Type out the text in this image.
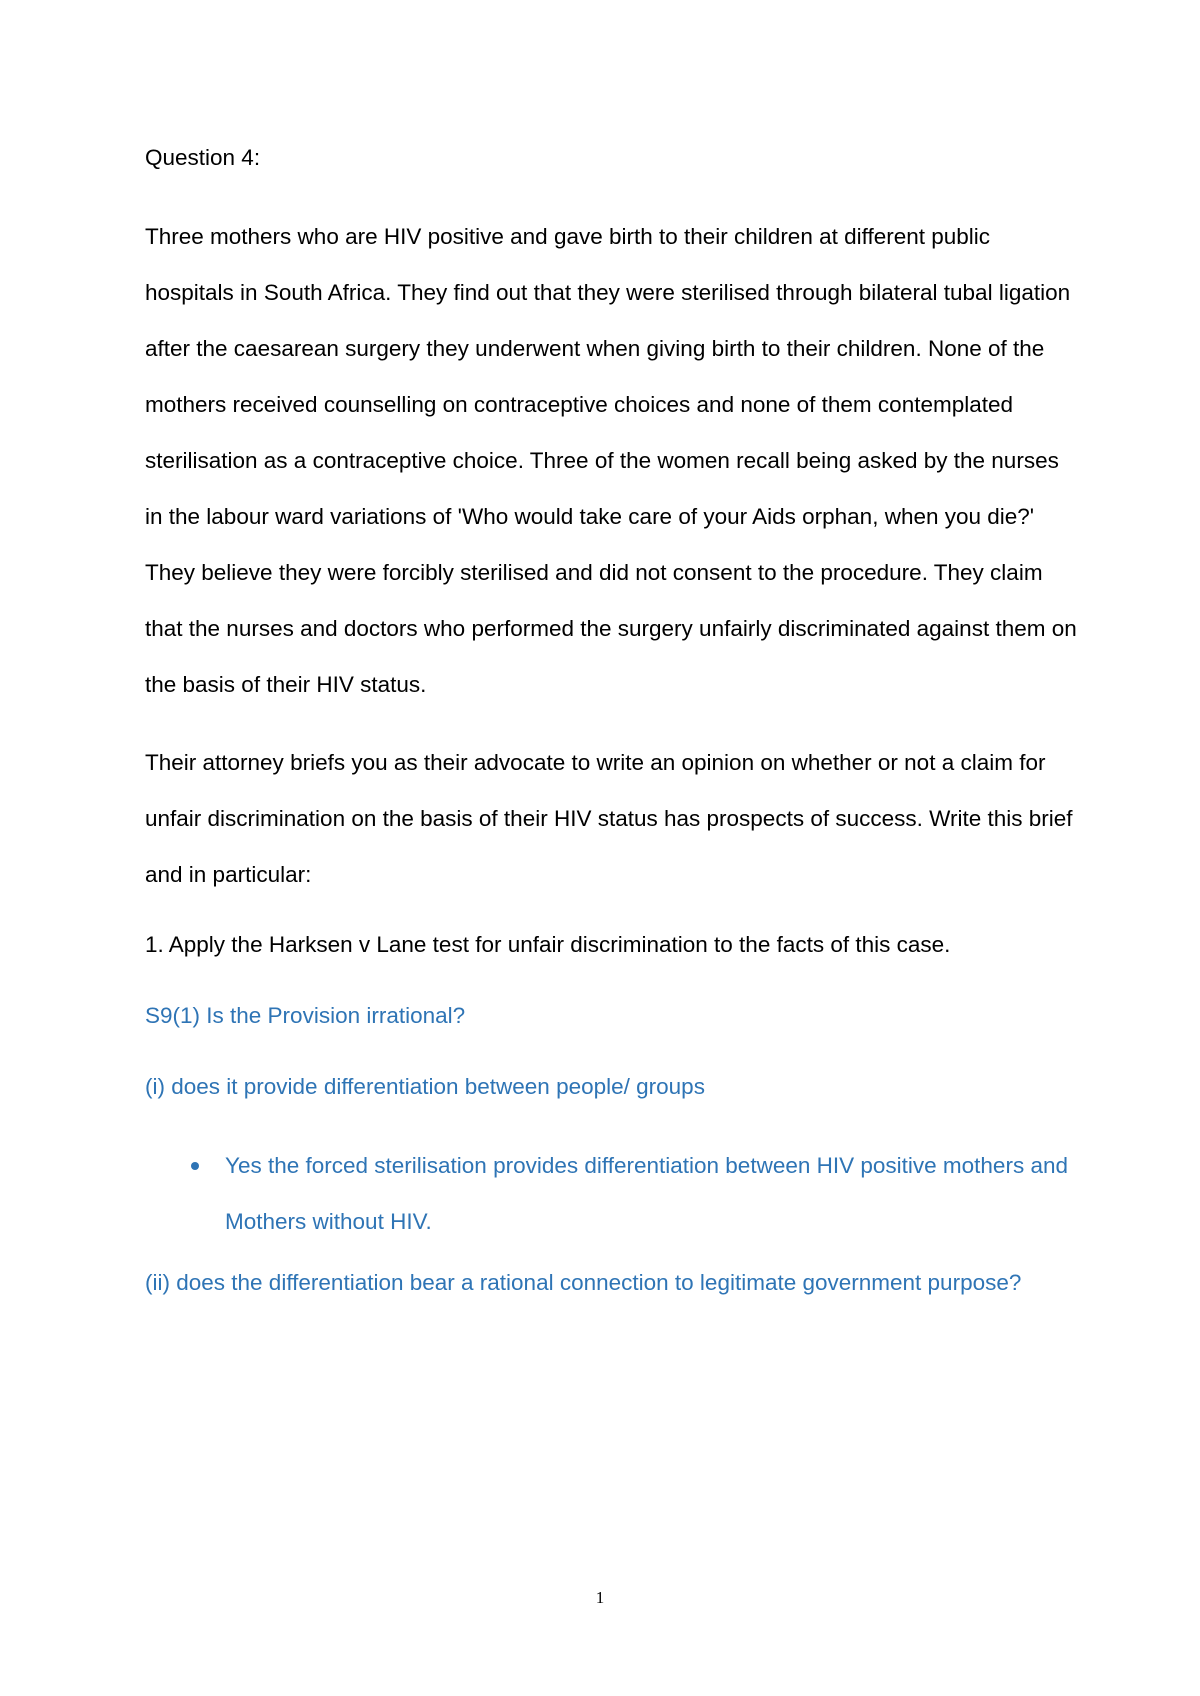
Question 4:

Three mothers who are HIV positive and gave birth to their children at different public hospitals in South Africa. They find out that they were sterilised through bilateral tubal ligation after the caesarean surgery they underwent when giving birth to their children. None of the mothers received counselling on contraceptive choices and none of them contemplated sterilisation as a contraceptive choice. Three of the women recall being asked by the nurses in the labour ward variations of 'Who would take care of your Aids orphan, when you die?' They believe they were forcibly sterilised and did not consent to the procedure. They claim that the nurses and doctors who performed the surgery unfairly discriminated against them on the basis of their HIV status.

Their attorney briefs you as their advocate to write an opinion on whether or not a claim for unfair discrimination on the basis of their HIV status has prospects of success. Write this brief and in particular:

1. Apply the Harksen v Lane test for unfair discrimination to the facts of this case.

S9(1) Is the Provision irrational?

(i) does it provide differentiation between people/ groups

Yes the forced sterilisation provides differentiation between HIV positive mothers and Mothers without HIV.

(ii) does the differentiation bear a rational connection to legitimate government purpose?

1
